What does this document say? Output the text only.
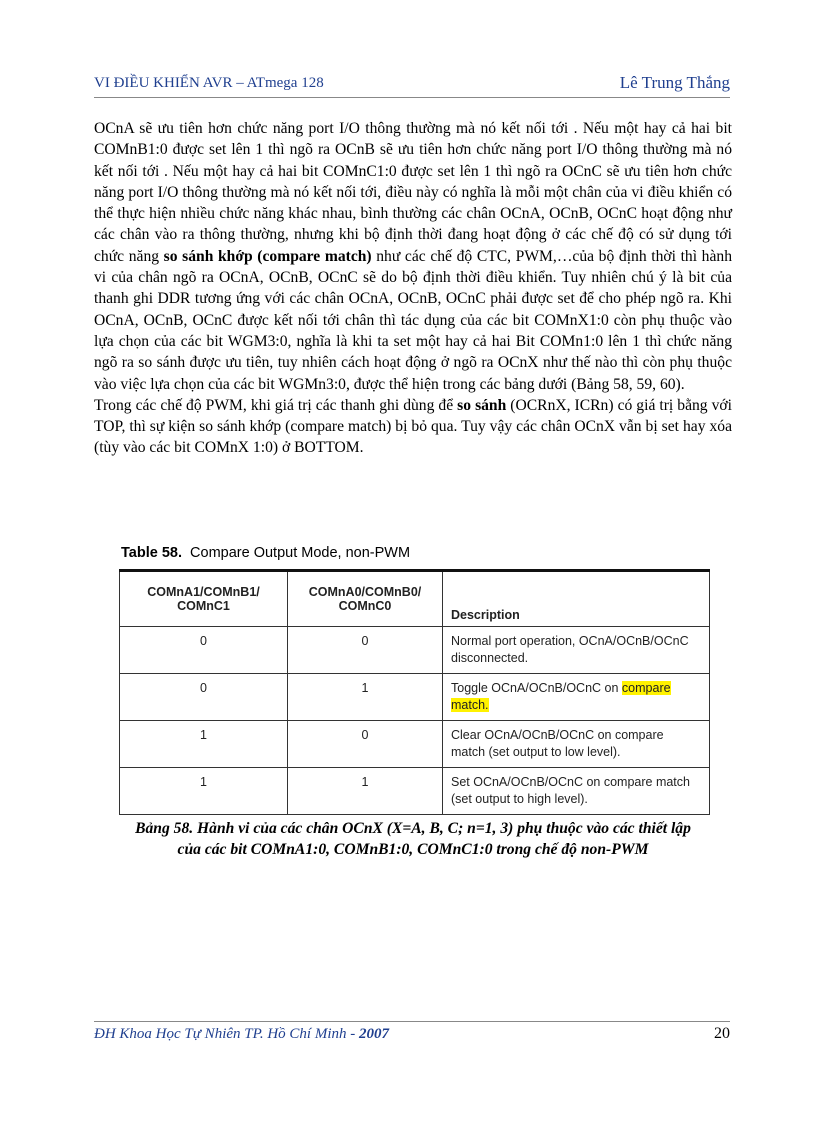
VI ĐIỀU KHIỂN AVR – ATmega 128	Lê Trung Thắng

OCnA sẽ ưu tiên hơn chức năng port I/O thông thường mà nó kết nối tới . Nếu một hay cả hai bit COMnB1:0 được set lên 1 thì ngõ ra OCnB sẽ ưu tiên hơn chức năng port I/O thông thường mà nó kết nối tới . Nếu một hay cả hai bit COMnC1:0 được set lên 1 thì ngõ ra OCnC sẽ ưu tiên hơn chức năng port I/O thông thường mà nó kết nối tới, điều này có nghĩa là mỗi một chân của vi điều khiển có thể thực hiện nhiều chức năng khác nhau, bình thường các chân OCnA, OCnB, OCnC hoạt động như các chân vào ra thông thường, nhưng khi bộ định thời đang hoạt động ở các chế độ có sử dụng tới chức năng so sánh khớp (compare match) như các chế độ CTC, PWM,…của bộ định thời thì hành vi của chân ngõ ra OCnA, OCnB, OCnC sẽ do bộ định thời điều khiển. Tuy nhiên chú ý là bit của thanh ghi DDR tương ứng với các chân OCnA, OCnB, OCnC phải được set để cho phép ngõ ra. Khi OCnA, OCnB, OCnC được kết nối tới chân thì tác dụng của các bit COMnX1:0 còn phụ thuộc vào lựa chọn của các bit WGM3:0, nghĩa là khi ta set một hay cả hai Bit COMn1:0 lên 1 thì chức năng ngõ ra so sánh được ưu tiên, tuy nhiên cách hoạt động ở ngõ ra OCnX như thế nào thì còn phụ thuộc vào việc lựa chọn của các bit WGMn3:0, được thể hiện trong các bảng dưới (Bảng 58, 59, 60).

Trong các chế độ PWM, khi giá trị các thanh ghi dùng để so sánh (OCRnX, ICRn) có giá trị bằng với TOP, thì sự kiện so sánh khớp (compare match) bị bỏ qua. Tuy vậy các chân OCnX vẫn bị set hay xóa (tùy vào các bit COMnX 1:0) ở BOTTOM.

Table 58. Compare Output Mode, non-PWM
COMnA1/COMnB1/ COMnC1	COMnA0/COMnB0/ COMnC0	Description
0	0	Normal port operation, OCnA/OCnB/OCnC disconnected.
0	1	Toggle OCnA/OCnB/OCnC on compare
match.
1	0	Clear OCnA/OCnB/OCnC on compare match (set output to low level).
1	1	Set OCnA/OCnB/OCnC on compare match (set output to high level).
Bảng 58. Hành vi của các chân OCnX (X=A, B, C; n=1, 3) phụ thuộc vào các thiết lập
của các bit COMnA1:0, COMnB1:0, COMnC1:0 trong chế độ non-PWM
ĐH Khoa Học Tự Nhiên TP. Hồ Chí Minh - 2007	20
